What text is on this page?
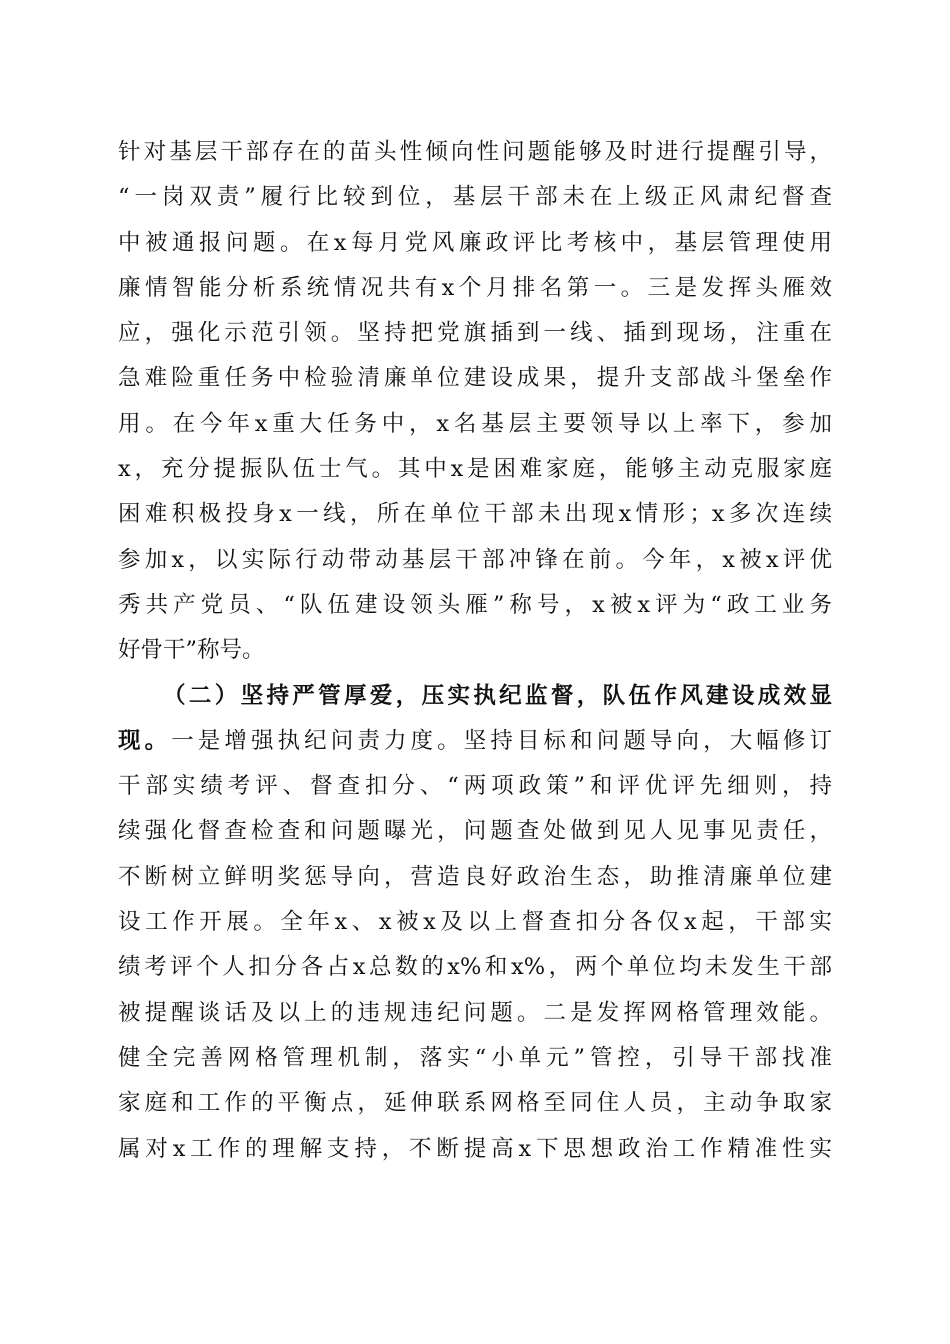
针对基层干部存在的苗头性倾向性问题能够及时进行提醒引导，
“一岗双责”履行比较到位，基层干部未在上级正风肃纪督查
中被通报问题。在x每月党风廉政评比考核中，基层管理使用
廉情智能分析系统情况共有x个月排名第一。三是发挥头雁效
应，强化示范引领。坚持把党旗插到一线、插到现场，注重在
急难险重任务中检验清廉单位建设成果，提升支部战斗堡垒作
用。在今年x重大任务中，x名基层主要领导以上率下，参加
x，充分提振队伍士气。其中x是困难家庭，能够主动克服家庭
困难积极投身x一线，所在单位干部未出现x情形；x多次连续
参加x，以实际行动带动基层干部冲锋在前。今年，x被x评优
秀共产党员、“队伍建设领头雁”称号，x被x评为“政工业务
好骨干”称号。
（二）坚持严管厚爱，压实执纪监督，队伍作风建设成效显
现。一是增强执纪问责力度。坚持目标和问题导向，大幅修订
干部实绩考评、督查扣分、“两项政策”和评优评先细则，持
续强化督查检查和问题曝光，问题查处做到见人见事见责任，
不断树立鲜明奖惩导向，营造良好政治生态，助推清廉单位建
设工作开展。全年x、x被x及以上督查扣分各仅x起，干部实
绩考评个人扣分各占x总数的x%和x%，两个单位均未发生干部
被提醒谈话及以上的违规违纪问题。二是发挥网格管理效能。
健全完善网格管理机制，落实“小单元”管控，引导干部找准
家庭和工作的平衡点，延伸联系网格至同住人员，主动争取家
属对x工作的理解支持，不断提高x下思想政治工作精准性实
